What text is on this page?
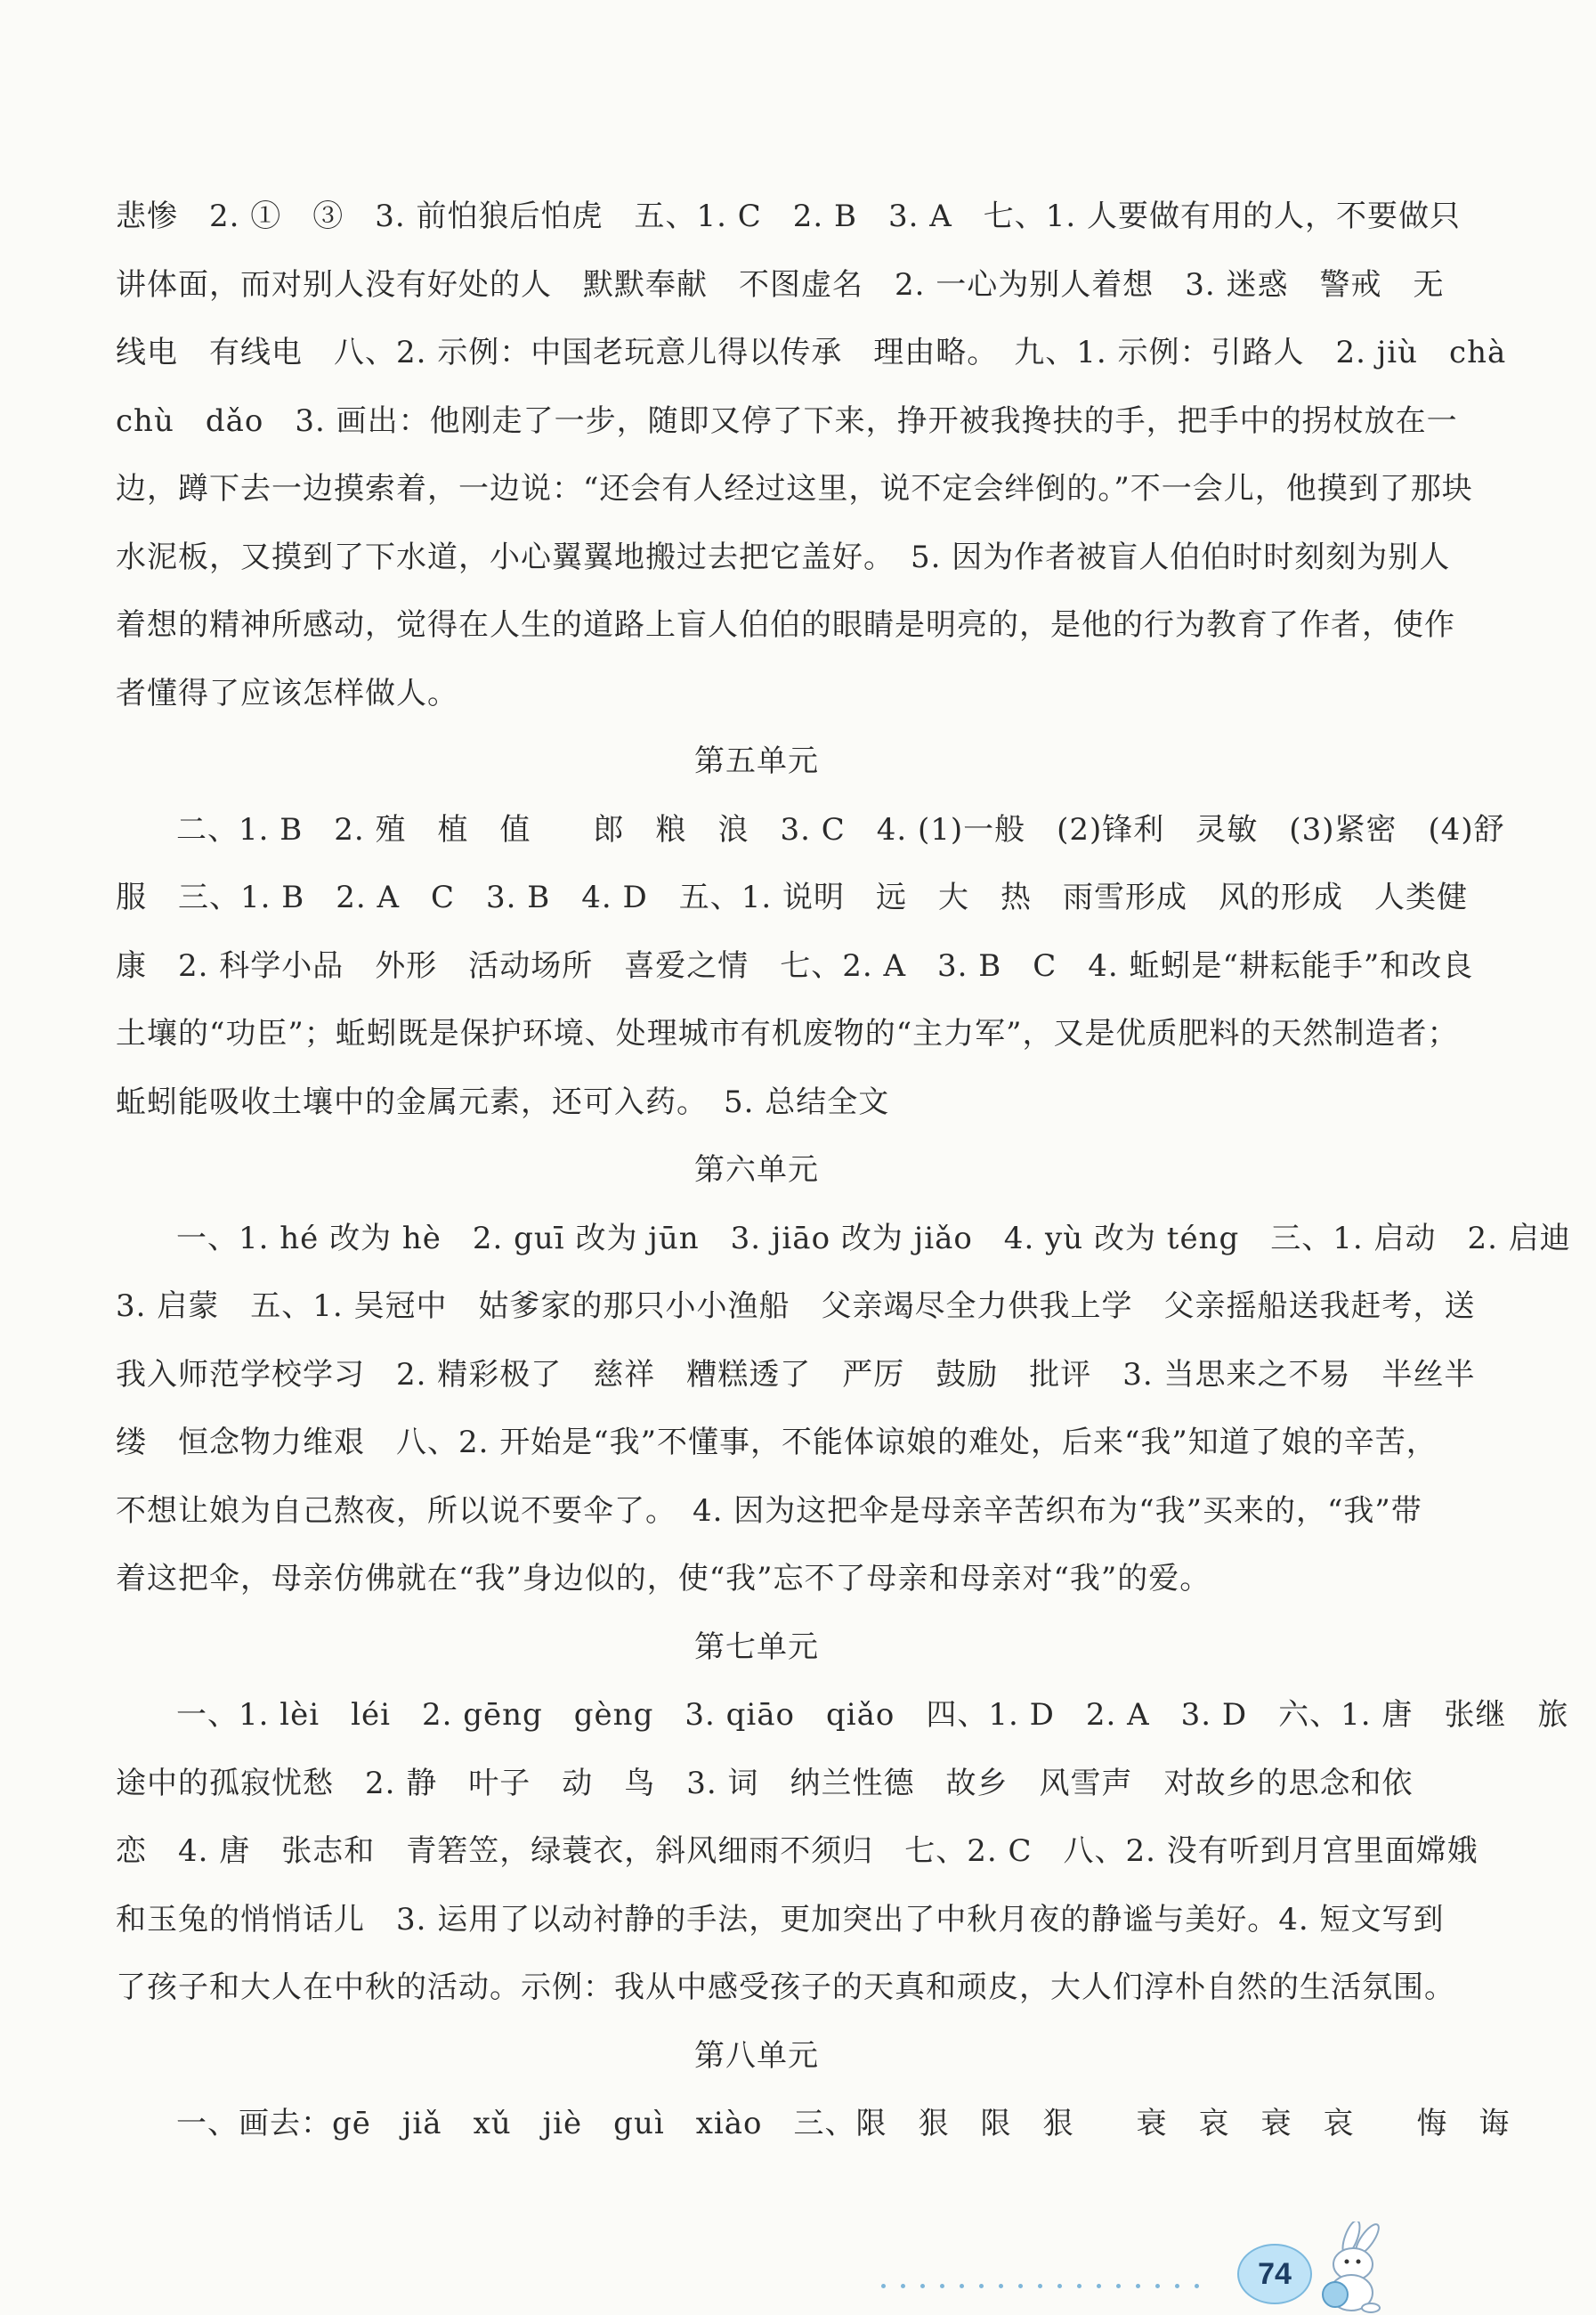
悲惨　2. ①　③　3. 前怕狼后怕虎　五、1. C　2. B　3. A　七、1. 人要做有用的人，不要做只
讲体面，而对别人没有好处的人　默默奉献　不图虚名　2. 一心为别人着想　3. 迷惑　警戒　无
线电　有线电　八、2. 示例：中国老玩意儿得以传承　理由略。　九、1. 示例：引路人　2. jiù　chà
chù　dǎo　3. 画出：他刚走了一步，随即又停了下来，挣开被我搀扶的手，把手中的拐杖放在一
边，蹲下去一边摸索着，一边说：“还会有人经过这里，说不定会绊倒的。”不一会儿，他摸到了那块
水泥板，又摸到了下水道，小心翼翼地搬过去把它盖好。　5. 因为作者被盲人伯伯时时刻刻为别人
着想的精神所感动，觉得在人生的道路上盲人伯伯的眼睛是明亮的，是他的行为教育了作者，使作
者懂得了应该怎样做人。
第五单元
二、1. B　2. 殖　植　值　　郎　粮　浪　3. C　4. (1)一般　(2)锋利　灵敏　(3)紧密　(4)舒
服　三、1. B　2. A　C　3. B　4. D　五、1. 说明　远　大　热　雨雪形成　风的形成　人类健
康　2. 科学小品　外形　活动场所　喜爱之情　七、2. A　3. B　C　4. 蚯蚓是“耕耘能手”和改良
土壤的“功臣”；蚯蚓既是保护环境、处理城市有机废物的“主力军”，又是优质肥料的天然制造者；
蚯蚓能吸收土壤中的金属元素，还可入药。　5. 总结全文
第六单元
一、1. hé 改为 hè　2. guī 改为 jūn　3. jiāo 改为 jiǎo　4. yù 改为 téng　三、1. 启动　2. 启迪
3. 启蒙　五、1. 吴冠中　姑爹家的那只小小渔船　父亲竭尽全力供我上学　父亲摇船送我赶考，送
我入师范学校学习　2. 精彩极了　慈祥　糟糕透了　严厉　鼓励　批评　3. 当思来之不易　半丝半
缕　恒念物力维艰　八、2. 开始是“我”不懂事，不能体谅娘的难处，后来“我”知道了娘的辛苦，
不想让娘为自己熬夜，所以说不要伞了。　4. 因为这把伞是母亲辛苦织布为“我”买来的，“我”带
着这把伞，母亲仿佛就在“我”身边似的，使“我”忘不了母亲和母亲对“我”的爱。
第七单元
一、1. lèi　léi　2. gēng　gèng　3. qiāo　qiǎo　四、1. D　2. A　3. D　六、1. 唐　张继　旅
途中的孤寂忧愁　2. 静　叶子　动　鸟　3. 词　纳兰性德　故乡　风雪声　对故乡的思念和依
恋　4. 唐　张志和　青箬笠，绿蓑衣，斜风细雨不须归　七、2. C　八、2. 没有听到月宫里面嫦娥
和玉兔的悄悄话儿　3. 运用了以动衬静的手法，更加突出了中秋月夜的静谧与美好。4. 短文写到
了孩子和大人在中秋的活动。示例：我从中感受孩子的天真和顽皮，大人们淳朴自然的生活氛围。
第八单元
一、画去：gē　jiǎ　xǔ　jiè　guì　xiào　三、限　狠　限　狠　　衰　哀　衰　哀　　悔　诲
74
